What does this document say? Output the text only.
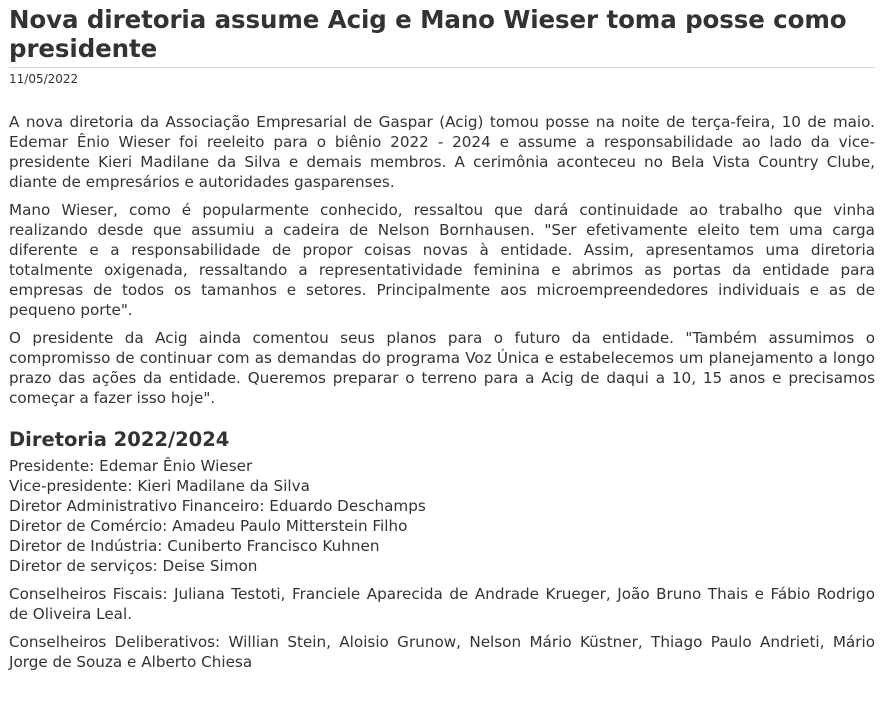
Nova diretoria assume Acig e Mano Wieser toma posse como presidente
11/05/2022

A nova diretoria da Associação Empresarial de Gaspar (Acig) tomou posse na noite de terça-feira, 10 de maio. Edemar Ênio Wieser foi reeleito para o biênio 2022 - 2024 e assume a responsabilidade ao lado da vice-presidente Kieri Madilane da Silva e demais membros. A cerimônia aconteceu no Bela Vista Country Clube, diante de empresários e autoridades gasparenses.

Mano Wieser, como é popularmente conhecido, ressaltou que dará continuidade ao trabalho que vinha realizando desde que assumiu a cadeira de Nelson Bornhausen. "Ser efetivamente eleito tem uma carga diferente e a responsabilidade de propor coisas novas à entidade. Assim, apresentamos uma diretoria totalmente oxigenada, ressaltando a representatividade feminina e abrimos as portas da entidade para empresas de todos os tamanhos e setores. Principalmente aos microempreendedores individuais e as de pequeno porte".

O presidente da Acig ainda comentou seus planos para o futuro da entidade. "Também assumimos o compromisso de continuar com as demandas do programa Voz Única e estabelecemos um planejamento a longo prazo das ações da entidade. Queremos preparar o terreno para a Acig de daqui a 10, 15 anos e precisamos começar a fazer isso hoje".

Diretoria 2022/2024
Presidente: Edemar Ênio Wieser
Vice-presidente: Kieri Madilane da Silva
Diretor Administrativo Financeiro: Eduardo Deschamps
Diretor de Comércio: Amadeu Paulo Mitterstein Filho
Diretor de Indústria: Cuniberto Francisco Kuhnen
Diretor de serviços: Deise Simon

Conselheiros Fiscais: Juliana Testoti, Franciele Aparecida de Andrade Krueger, João Bruno Thais e Fábio Rodrigo de Oliveira Leal.

Conselheiros Deliberativos: Willian Stein, Aloisio Grunow, Nelson Mário Küstner, Thiago Paulo Andrieti, Mário Jorge de Souza e Alberto Chiesa
